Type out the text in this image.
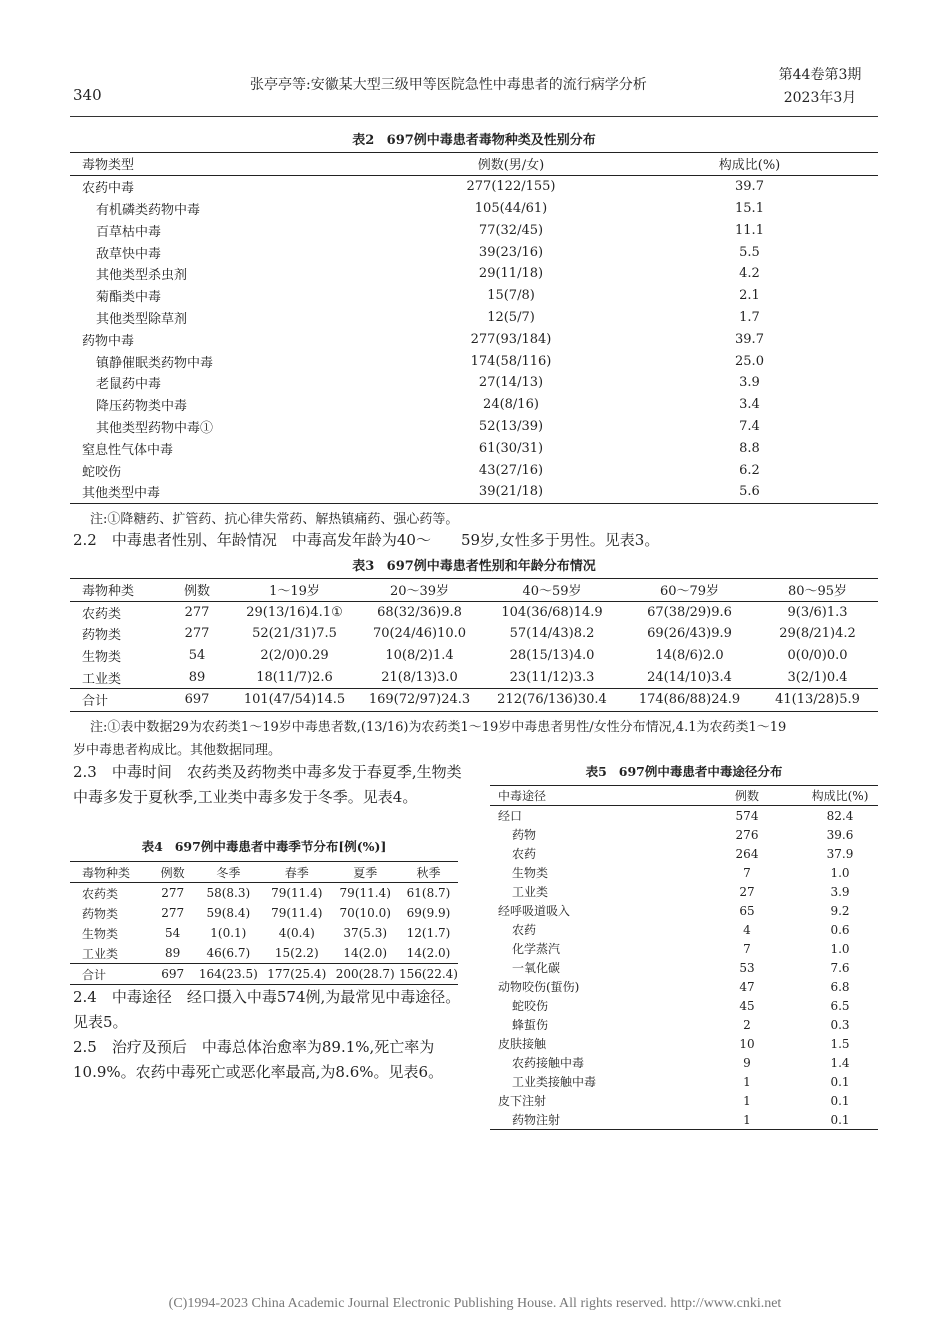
340
张亭亭等:安徽某大型三级甲等医院急性中毒患者的流行病学分析
第44卷第3期
2023年3月
表2 697例中毒患者毒物种类及性别分布
毒物类型	例数(男/女)	构成比(%)
农药中毒	277(122/155)	39.7
有机磷类药物中毒	105(44/61)	15.1
百草枯中毒	77(32/45)	11.1
敌草快中毒	39(23/16)	5.5
其他类型杀虫剂	29(11/18)	4.2
菊酯类中毒	15(7/8)	2.1
其他类型除草剂	12(5/7)	1.7
药物中毒	277(93/184)	39.7
镇静催眠类药物中毒	174(58/116)	25.0
老鼠药中毒	27(14/13)	3.9
降压药物类中毒	24(8/16)	3.4
其他类型药物中毒①	52(13/39)	7.4
窒息性气体中毒	61(30/31)	8.8
蛇咬伤	43(27/16)	6.2
其他类型中毒	39(21/18)	5.6
注:①降糖药、扩管药、抗心律失常药、解热镇痛药、强心药等。
2.2　中毒患者性别、年龄情况　中毒高发年龄为40～　　59岁,女性多于男性。见表3。
表3 697例中毒患者性别和年龄分布情况
毒物种类	例数	1～19岁	20～39岁	40～59岁	60～79岁	80～95岁
农药类	277	29(13/16)4.1①	68(32/36)9.8	104(36/68)14.9	67(38/29)9.6	9(3/6)1.3
药物类	277	52(21/31)7.5	70(24/46)10.0	57(14/43)8.2	69(26/43)9.9	29(8/21)4.2
生物类	54	2(2/0)0.29	10(8/2)1.4	28(15/13)4.0	14(8/6)2.0	0(0/0)0.0
工业类	89	18(11/7)2.6	21(8/13)3.0	23(11/12)3.3	24(14/10)3.4	3(2/1)0.4
合计	697	101(47/54)14.5	169(72/97)24.3	212(76/136)30.4	174(86/88)24.9	41(13/28)5.9
注:①表中数据29为农药类1～19岁中毒患者数,(13/16)为农药类1～19岁中毒患者男性/女性分布情况,4.1为农药类1～19
岁中毒患者构成比。其他数据同理。
2.3　中毒时间　农药类及药物类中毒多发于春夏季,生物类中毒多发于夏秋季,工业类中毒多发于冬季。见表4。
表4 697例中毒患者中毒季节分布[例(%)]
毒物种类	例数	冬季	春季	夏季	秋季
农药类	277	58(8.3)	79(11.4)	79(11.4)	61(8.7)
药物类	277	59(8.4)	79(11.4)	70(10.0)	69(9.9)
生物类	54	1(0.1)	4(0.4)	37(5.3)	12(1.7)
工业类	89	46(6.7)	15(2.2)	14(2.0)	14(2.0)
合计	697	164(23.5)	177(25.4)	200(28.7)	156(22.4)
2.4　中毒途径　经口摄入中毒574例,为最常见中毒途径。见表5。
2.5　治疗及预后　中毒总体治愈率为89.1%,死亡率为10.9%。农药中毒死亡或恶化率最高,为8.6%。见表6。
表5 697例中毒患者中毒途径分布
中毒途径	例数	构成比(%)
经口	574	82.4
药物	276	39.6
农药	264	37.9
生物类	7	1.0
工业类	27	3.9
经呼吸道吸入	65	9.2
农药	4	0.6
化学蒸汽	7	1.0
一氧化碳	53	7.6
动物咬伤(蜇伤)	47	6.8
蛇咬伤	45	6.5
蜂蜇伤	2	0.3
皮肤接触	10	1.5
农药接触中毒	9	1.4
工业类接触中毒	1	0.1
皮下注射	1	0.1
药物注射	1	0.1
(C)1994-2023 China Academic Journal Electronic Publishing House. All rights reserved. http://www.cnki.net
